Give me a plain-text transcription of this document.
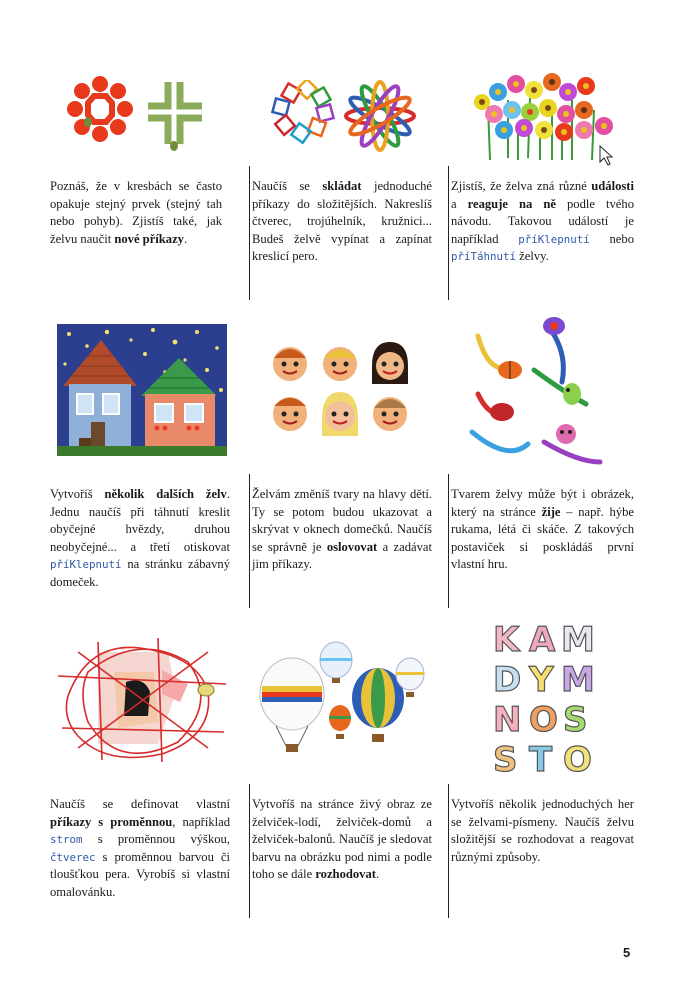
Poznáš, že v kresbách se často opakuje stejný prvek (stejný tah nebo pohyb). Zjistíš také, jak želvu naučit nové příkazy.

Naučíš se skládat jednoduché příkazy do složitějších. Nakreslíš čtverec, trojúhelník, kružnici... Budeš želvě vypínat a zapínat kreslicí pero.

Zjistíš, že želva zná různé události a reaguje na ně podle tvého návodu. Takovou událostí je například příKlepnutí nebo příTáhnutí želvy.

Vytvoříš několik dalších želv. Jednu naučíš při táhnutí kreslit obyčejné hvězdy, druhou neobyčejné... a třetí otiskovat příKlepnutí na stránku zábavný domeček.

Želvám změníš tvary na hlavy dětí. Ty se potom budou ukazovat a skrývat v oknech domečků. Naučíš se správně je oslovovat a zadávat jim příkazy.

Tvarem želvy může být i obrázek, který na stránce žije – např. hýbe rukama, létá či skáče. Z takových postaviček si poskládáš první vlastní hru.

K A M
D Y M
N O S
S T O

Naučíš se definovat vlastní příkazy s proměnnou, například strom s proměnnou výškou, čtverec s proměnnou barvou či tloušťkou pera. Vyrobíš si vlastní omalovánku.

Vytvoříš na stránce živý obraz ze želviček-lodí, želviček-domů a želviček-balonů. Naučíš je sledovat barvu na obrázku pod nimi a podle toho se dále rozhodovat.

Vytvoříš několik jednoduchých her se želvami-písmeny. Naučíš želvu složitější se rozhodovat a reagovat různými způsoby.

5
